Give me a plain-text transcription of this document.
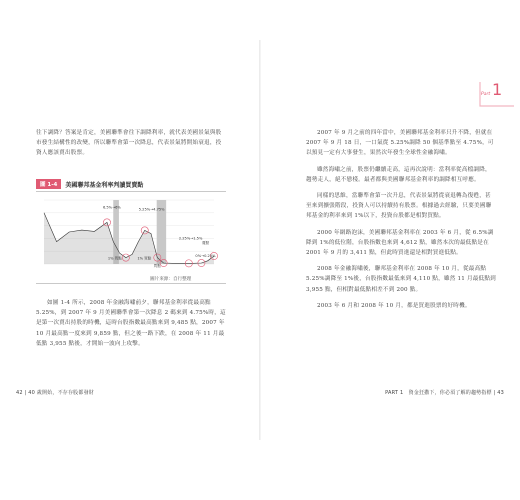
往下調降？答案是肯定，美國聯準會往下調降利率，就代表美國景氣與股市發生結構性的改變，所以聯準會第一次降息，代表景氣將開始衰退，投資人應該賣出股票。

圖 1-4	美國聯邦基金利率判讀買賣點
6.5%→6%	5.25%→4.75%
1% 買點	1% 買點
買點
2.25%→1.5%
0%→0.25%
賣點
圖片來源：自行整理

如圖 1-4 所示，2008 年金融海嘯前夕，聯邦基金利率從最高點 5.25%，到 2007 年 9 月美國聯準會第一次降息 2 碼來到 4.75%時，這是第一次賣出持股的時機，這時台股指數最高點來到 9,485 點，2007 年 10 月最高點一度來到 9,859 點，但之後一路下跌，在 2008 年 11 月最低點 3,955 點後，才開始一波向上攻擊。

42 | 40 歲開始，不存存股都發財

2007 年 9 月之前的四年當中，美國聯邦基金利率只升不降，但就在 2007 年 9 月 18 日，一口氣從 5.25%調降 50 個基準點至 4.75%，可以預見一定有大事發生，果然次年發生全球性金融海嘯。

雖然海嘯之前，股票仍繼續走高，這再次說明：當利率從高檔調降，趨勢走人，絕不戀棧。最者都與美國聯邦基金利率的調降相互呼應。

同樣的思維，當聯準會第一次升息，代表景氣將從衰退轉為復甦，甚至來到擴張階段，投資人可以持續持有股票。根據過去經驗，只要美國聯邦基金的利率來到 1%以下，投資台股都是相對買點。

2000 年網路泡沫，美國聯邦基金利率在 2003 年 6 月，從 6.5%調降到 1%的低位階，台股指數也來到 4,612 點，雖然本次的最低點是在 2001 年 9 月的 3,411 點，但此時買進還是相對買進低點。

2008 年金融海嘯後，聯邦基金利率在 2008 年 10 月，從最高點 5.25%調降至 1%後，台股指數最低來到 4,110 點，雖然 11 月最低點到 3,955 點，但相對最低點相差不到 200 點。

2003 年 6 月和 2008 年 10 月，都是買進股票的好時機。

PART 1　資金狂撒下，你必須了解的趨勢指標 | 43
Part 1
